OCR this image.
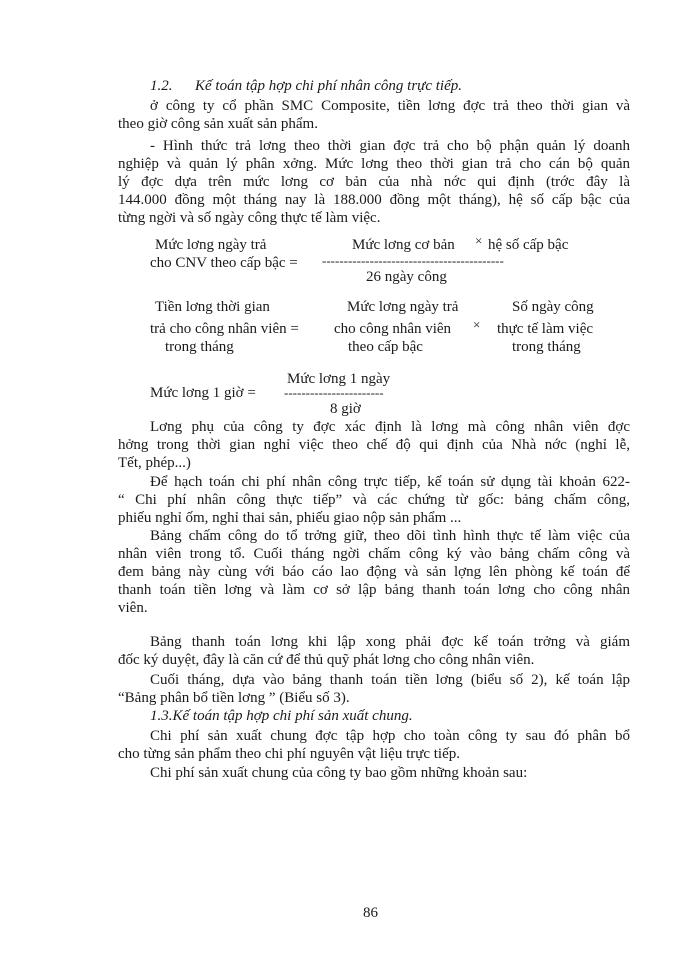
1.2.      Kế toán tập hợp chi phí nhân công trực tiếp.
ở công ty cổ phần SMC Composite, tiền lơng đợc trả theo thời gian và
theo giờ công sản xuất sản phẩm.
- Hình thức trả lơng theo thời gian đợc trả cho bộ phận quản lý doanh
nghiệp và quản lý phân xởng. Mức lơng theo thời gian trả cho cán bộ quản
lý đợc dựa trên mức lơng cơ bản của nhà nớc qui định (trớc đây là
144.000 đồng một tháng nay là 188.000 đồng một tháng), hệ số cấp bậc của
từng ngời và số ngày công thực tế làm việc.
Mức lơng ngày trả	Mức lơng cơ bản × hệ số cấp bậc
cho CNV theo cấp bậc = ------------------------------------------
26 ngày công
Tiền lơng thời gian
trả cho công nhân viên =
trong tháng
Mức lơng ngày trả
cho công nhân viên
theo cấp bậc
×
Số ngày công
thực tế làm việc
trong tháng
Mức lơng 1 ngày
Mức lơng 1 giờ = -----------------------
8 giờ
Lơng phụ của công ty đợc xác định là lơng mà công nhân viên đợc
hởng trong thời gian nghỉ việc theo chế độ qui định của Nhà nớc (nghỉ lễ,
Tết, phép...)
Để hạch toán chi phí nhân công trực tiếp, kế toán sử dụng tài khoản 622-
“ Chi phí nhân công thực tiếp” và các chứng từ gốc: bảng chấm công,
phiếu nghỉ ốm, nghỉ thai sản, phiếu giao nộp sản phẩm ...
Bảng chấm công do tổ trởng giữ, theo dõi tình hình thực tế làm việc của
nhân viên trong tổ. Cuối tháng ngời chấm công ký vào bảng chấm công và
đem bảng này cùng với báo cáo lao động và sản lợng lên phòng kế toán để
thanh toán tiền lơng và làm cơ sở lập bảng thanh toán lơng cho công nhân
viên.
Bảng thanh toán lơng khi lập xong phải đợc kế toán trởng và giám
đốc ký duyệt, đây là căn cứ để thủ quỹ phát lơng cho công nhân viên.
Cuối tháng, dựa vào bảng thanh toán tiền lơng (biểu số 2), kế toán lập
“Bảng phân bổ tiền lơng ” (Biểu số 3).
1.3.Kế toán tập hợp chi phí sản xuất chung.
Chi phí sản xuất chung đợc tập hợp cho toàn công ty sau đó phân bổ
cho từng sản phẩm theo chi phí nguyên vật liệu trực tiếp.
Chi phí sản xuất chung của công ty bao gồm những khoản sau:
86
